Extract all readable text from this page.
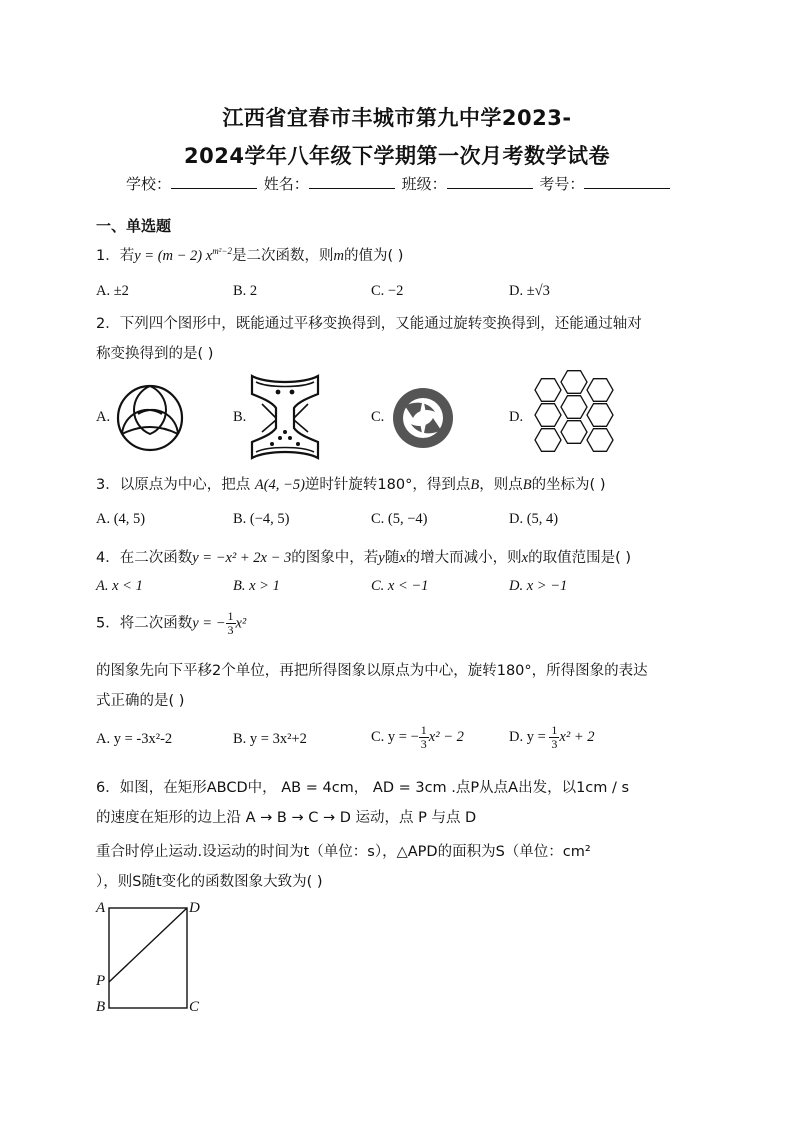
江西省宜春市丰城市第九中学2023-
2024学年八年级下学期第一次月考数学试卷
学校：	姓名：	班级：	考号：
一、单选题
1．若y = (m − 2) $x^{m^2-2}$是二次函数，则m的值为( )
A. ±2	B. 2	C. −2	D. ±√3
2．下列四个图形中，既能通过平移变换得到，又能通过旋转变换得到，还能通过轴对
称变换得到的是( )
A.	B.	C.	D.
3．以原点为中心，把点 A(4, −5)逆时针旋转180°，得到点B，则点B的坐标为( )
A. (4, 5)	B. (−4, 5)	C. (5, −4)	D. (5, 4)
4．在二次函数y = −x² + 2x − 3的图象中，若y随x的增大而减小，则x的取值范围是( )
A. x < 1	B. x > 1	C. x < −1	D. x > −1
5．将二次函数y = − $\frac{1}{3} x^2$
的图象先向下平移2个单位，再把所得图象以原点为中心，旋转180°，所得图象的表达
式正确的是( )
A. y = -3x²-2	B. y = 3x²+2	C. y = − $\frac{1}{3} x^2 - 2$	D. $y = \frac{1}{3} x^2 + 2$
6．如图，在矩形ABCD中， AB = 4cm， AD = 3cm .点P从点A出发，以1cm / s
的速度在矩形的边上沿 A → B → C → D 运动，点 P 与点 D
重合时停止运动.设运动的时间为t（单位：s），△APD的面积为S（单位：cm²
），则S随t变化的函数图象大致为( )
A	D
P
B	C
